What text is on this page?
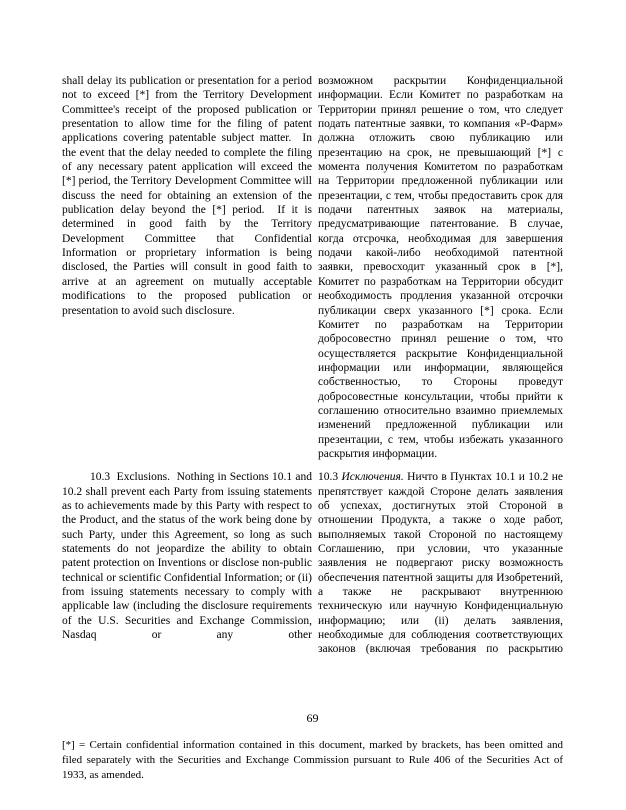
shall delay its publication or presentation for a period not to exceed [*] from the Territory Development Committee's receipt of the proposed publication or presentation to allow time for the filing of patent applications covering patentable subject matter.  In the event that the delay needed to complete the filing of any necessary patent application will exceed the [*] period, the Territory Development Committee will discuss the need for obtaining an extension of the publication delay beyond the [*] period.  If it is determined in good faith by the Territory Development Committee that Confidential Information or proprietary information is being disclosed, the Parties will consult in good faith to arrive at an agreement on mutually acceptable modifications to the proposed publication or presentation to avoid such disclosure.

возможном раскрытии Конфиденциальной информации. Если Комитет по разработкам на Территории принял решение о том, что следует подать патентные заявки, то компания «Р-Фарм» должна отложить свою публикацию или презентацию на срок, не превышающий [*] с момента получения Комитетом по разработкам на Территории предложенной публикации или презентации, с тем, чтобы предоставить срок для подачи патентных заявок на материалы, предусматривающие патентование. В случае, когда отсрочка, необходимая для завершения подачи какой-либо необходимой патентной заявки, превосходит указанный срок в [*], Комитет по разработкам на Территории обсудит необходимость продления указанной отсрочки публикации сверх указанного [*] срока. Если Комитет по разработкам на Территории добросовестно принял решение о том, что осуществляется раскрытие Конфиденциальной информации или информации, являющейся собственностью, то Стороны проведут добросовестные консультации, чтобы прийти к соглашению относительно взаимно приемлемых изменений предложенной публикации или презентации, с тем, чтобы избежать указанного раскрытия информации.

10.3  Exclusions.  Nothing in Sections 10.1 and 10.2 shall prevent each Party from issuing statements as to achievements made by this Party with respect to the Product, and the status of the work being done by such Party, under this Agreement, so long as such statements do not jeopardize the ability to obtain patent protection on Inventions or disclose non-public technical or scientific Confidential Information; or (ii) from issuing statements necessary to comply with applicable law (including the disclosure requirements of the U.S. Securities and Exchange Commission, Nasdaq or any other

10.3 Исключения. Ничто в Пунктах 10.1 и 10.2 не препятствует каждой Стороне делать заявления об успехах, достигнутых этой Стороной в отношении Продукта, а также о ходе работ, выполняемых такой Стороной по настоящему Соглашению, при условии, что указанные заявления не подвергают риску возможность обеспечения патентной защиты для Изобретений, а также не раскрывают внутреннюю техническую или научную Конфиденциальную информацию; или (ii) делать заявления, необходимые для соблюдения соответствующих законов (включая требования по раскрытию

69

[*] = Certain confidential information contained in this document, marked by brackets, has been omitted and filed separately with the Securities and Exchange Commission pursuant to Rule 406 of the Securities Act of 1933, as amended.
